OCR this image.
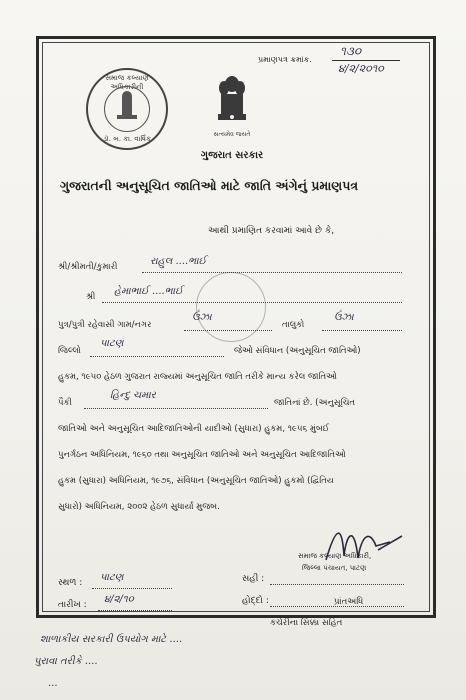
સમાજ કલ્યાણ અધિકારીની
ડૉ. બ. કા. વાર્ષિક
સત્યમેવ જયતે
ગુજરાત સરકાર
પ્રમાણપત્ર ક્રમાંક.
૧૩૦
૪/૨/૨૦૧૦
ગુજરાતની અનુસૂચિત જાતિઓ માટે જાતિ અંગેનું પ્રમાણપત્ર
આથી પ્રમાણિત કરવામાં આવે છે કે,
શ્રી/શ્રીમતી/કુમારી	રાહુલ ....ભાઈ
શ્રી હેમાભાઈ ....ભાઈ
પુત્ર/પુત્રી રહેવાસી ગામ/નગર
ઉંઝા
તાલુકો
ઉંઝા
જિલ્લો
પાટણ
જેઓ સંવિધાન (અનુસૂચિત જાતિઓ)
હુકમ, ૧૯૫૦ હેઠળ ગુજરાત રાજ્યમાં અનુસૂચિત જાતિ તરીકે માન્ય કરેલ જાતિઓ
પૈકી
હિન્દુ ચમાર
જાતિનાં છે. (અનુસૂચિત
જાતિઓ અને અનુસૂચિત આદિજાતિઓની યાદીઓ (સુધારા) હુકમ, ૧૯૫૬ મુંબઈ
પુનર્ગઠન અધિનિયમ, ૧૯૬૦ તથા અનુસૂચિત જાતિઓ અને અનુસૂચિત આદિજાતિઓ
હુકમ (સુધારા) અધિનિયમ, ૧૯૭૬, સંવિધાન (અનુસૂચિત જાતિઓ) હુકમો (દ્વિતિય
સુધારો) અધિનિયમ, ૨૦૦૨ હેઠળ સુધાર્યા મુજબ.
સમાજ કલ્યાણ અધિકારી,
જિલ્લા પંચાયત, પાટણ
સ્થળ : પાટણ
તારીખ : ૪/૨/૧૦
સહી :
હોદ્દો :	પ્રાંતઅધિ
કચેરીના સિક્કા સહિત
શાળાકીય સરકારી ઉપયોગ માટે ....
પુરાવા તરીકે ....
...
